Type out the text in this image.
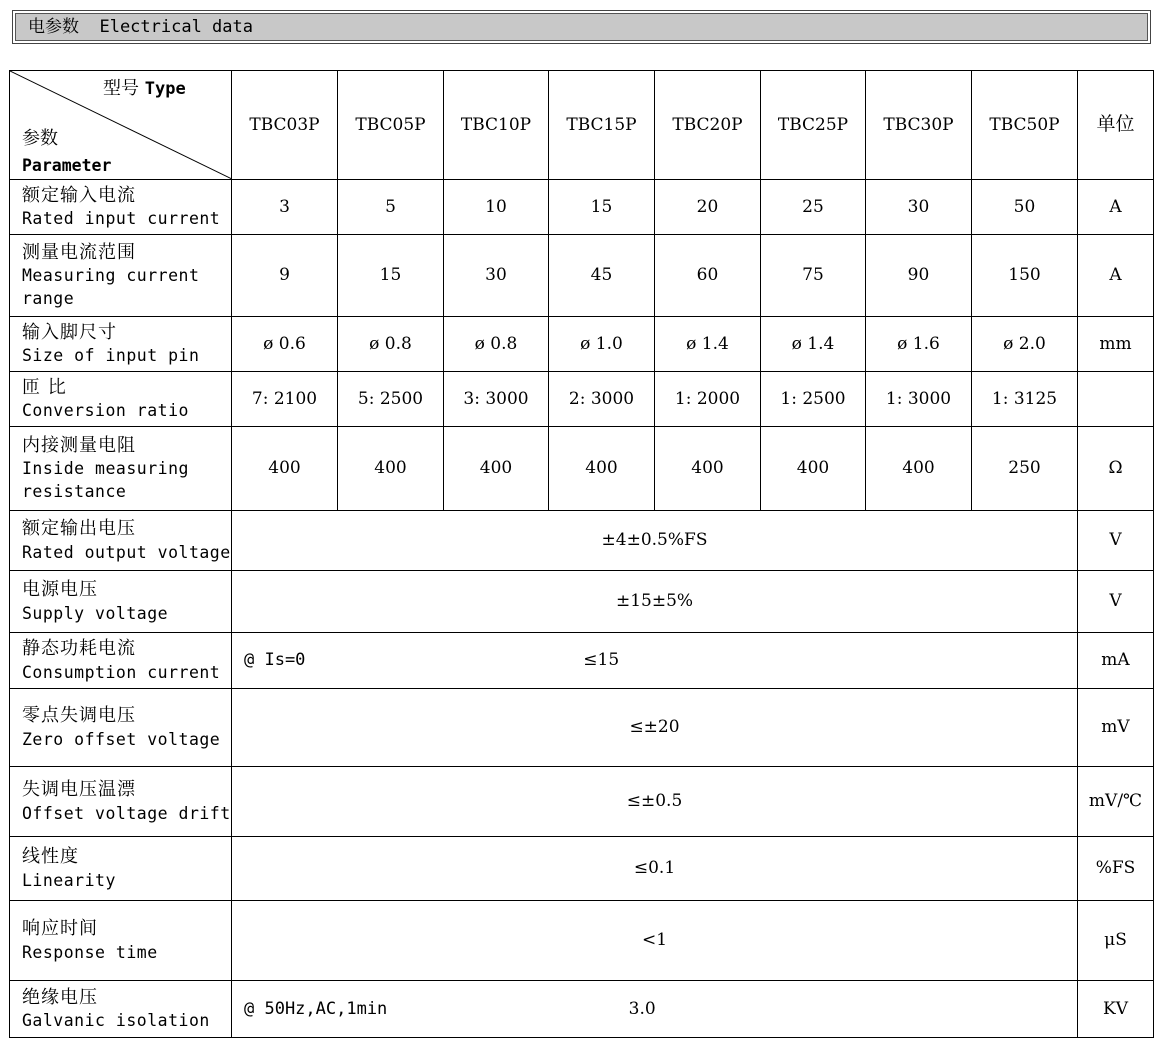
电参数  Electrical data
型号 Type
参数
Parameter	TBC03P	TBC05P	TBC10P	TBC15P	TBC20P	TBC25P	TBC30P	TBC50P	单位

额定输入电流
Rated input current	3	5	10	15	20	25	30	50	A

测量电流范围
Measuring current
range	9	15	30	45	60	75	90	150	A

输入脚尺寸
Size of input pin	ø 0.6	ø 0.8	ø 0.8	ø 1.0	ø 1.4	ø 1.4	ø 1.6	ø 2.0	mm

匝 比
Conversion ratio	7: 2100	5: 2500	3: 3000	2: 3000	1: 2000	1: 2500	1: 3000	1: 3125	

内接测量电阻
Inside measuring
resistance	400	400	400	400	400	400	400	250	Ω

额定输出电压
Rated output voltage	±4±0.5%FS								V

电源电压
Supply voltage	±15±5%								V

静态功耗电流
Consumption current	@ Is=0 ≤15								mA

零点失调电压
Zero offset voltage	≤±20								mV

失调电压温漂
Offset voltage drift	≤±0.5								mV/℃

线性度
Linearity	≤0.1								%FS

响应时间
Response time	<1								μS

绝缘电压
Galvanic isolation	@ 50Hz,AC,1min 3.0								KV
